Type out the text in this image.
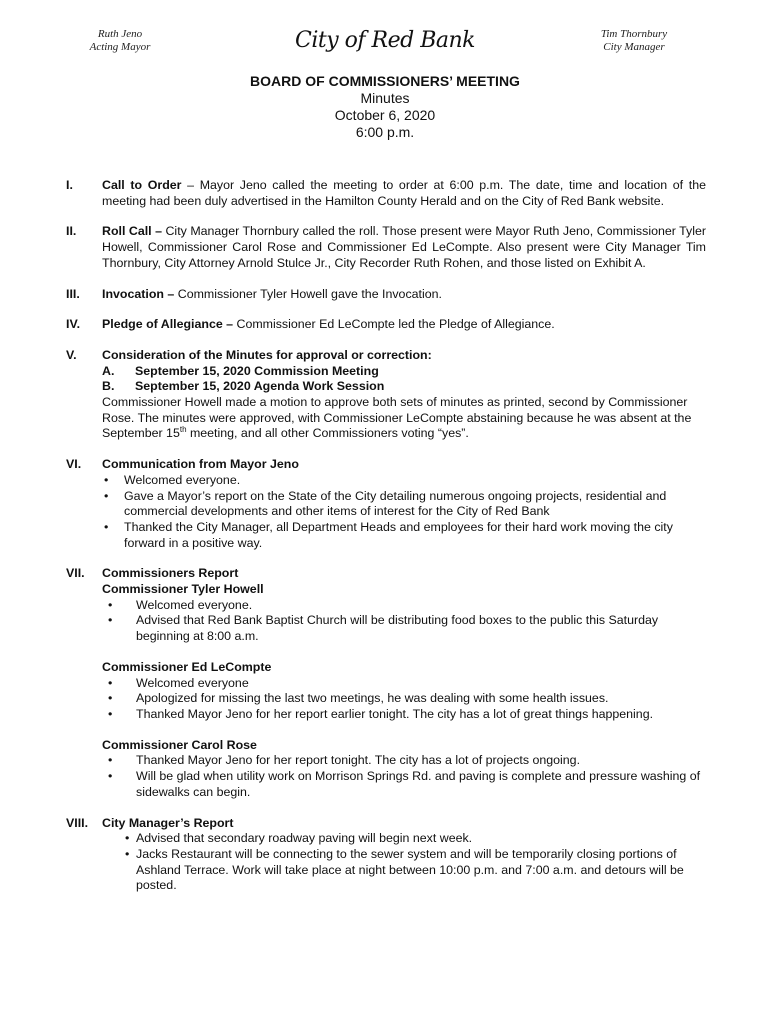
Ruth Jeno
Acting Mayor	City of Red Bank	Tim Thornbury
City Manager
BOARD OF COMMISSIONERS’ MEETING
Minutes
October 6, 2020
6:00 p.m.
I.	Call to Order – Mayor Jeno called the meeting to order at 6:00 p.m. The date, time and location of the meeting had been duly advertised in the Hamilton County Herald and on the City of Red Bank website.
II.	Roll Call – City Manager Thornbury called the roll. Those present were Mayor Ruth Jeno, Commissioner Tyler Howell, Commissioner Carol Rose and Commissioner Ed LeCompte. Also present were City Manager Tim Thornbury, City Attorney Arnold Stulce Jr., City Recorder Ruth Rohen, and those listed on Exhibit A.
III.	Invocation – Commissioner Tyler Howell gave the Invocation.
IV.	Pledge of Allegiance – Commissioner Ed LeCompte led the Pledge of Allegiance.
V.	Consideration of the Minutes for approval or correction:
A.	September 15, 2020 Commission Meeting
B.	September 15, 2020 Agenda Work Session
Commissioner Howell made a motion to approve both sets of minutes as printed, second by Commissioner Rose. The minutes were approved, with Commissioner LeCompte abstaining because he was absent at the September 15th meeting, and all other Commissioners voting “yes”.
VI.	Communication from Mayor Jeno
• Welcomed everyone.
• Gave a Mayor’s report on the State of the City detailing numerous ongoing projects, residential and commercial developments and other items of interest for the City of Red Bank
• Thanked the City Manager, all Department Heads and employees for their hard work moving the city forward in a positive way.
VII.	Commissioners Report
Commissioner Tyler Howell
• Welcomed everyone.
• Advised that Red Bank Baptist Church will be distributing food boxes to the public this Saturday beginning at 8:00 a.m.
Commissioner Ed LeCompte
• Welcomed everyone
• Apologized for missing the last two meetings, he was dealing with some health issues.
• Thanked Mayor Jeno for her report earlier tonight. The city has a lot of great things happening.
Commissioner Carol Rose
• Thanked Mayor Jeno for her report tonight. The city has a lot of projects ongoing.
• Will be glad when utility work on Morrison Springs Rd. and paving is complete and pressure washing of sidewalks can begin.
VIII.	City Manager’s Report
• Advised that secondary roadway paving will begin next week.
• Jacks Restaurant will be connecting to the sewer system and will be temporarily closing portions of Ashland Terrace. Work will take place at night between 10:00 p.m. and 7:00 a.m. and detours will be posted.
